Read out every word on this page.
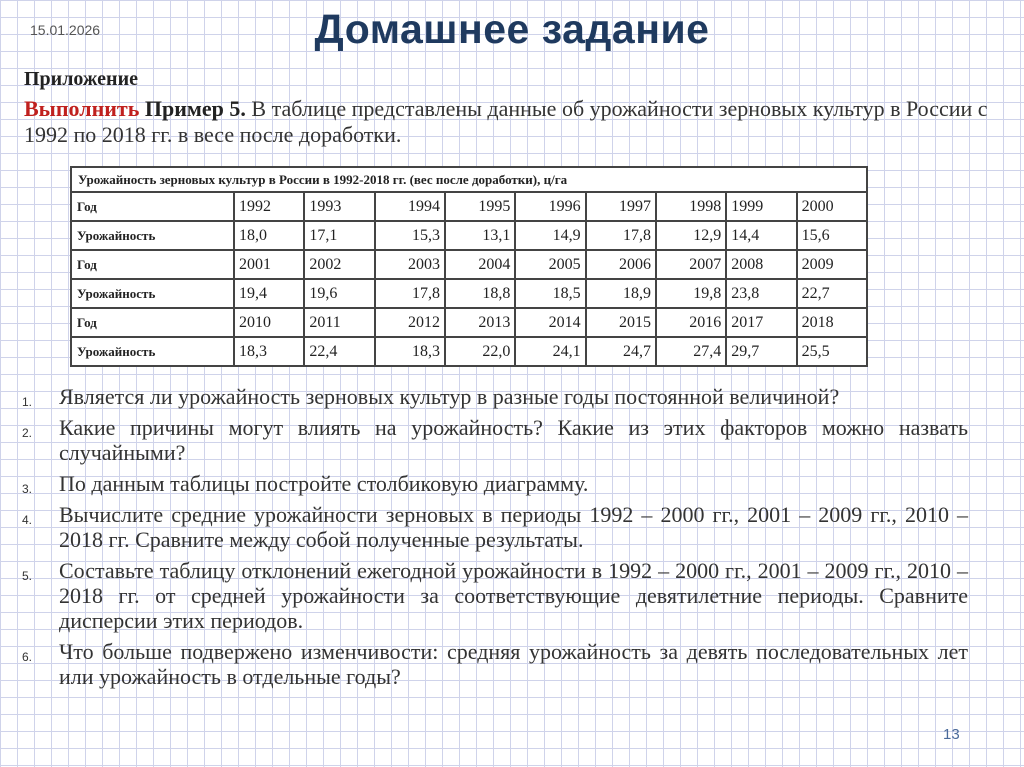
15.01.2026	Домашнее задание
Приложение
Выполнить Пример 5. В таблице представлены данные об урожайности зерновых культур в России с 1992 по 2018 гг. в весе после доработки.
Урожайность зерновых культур в России в 1992-2018 гг. (вес после доработки), ц/га									
Год	1992	1993	1994	1995	1996	1997	1998	1999	2000
Урожайность	18,0	17,1	15,3	13,1	14,9	17,8	12,9	14,4	15,6
Год	2001	2002	2003	2004	2005	2006	2007	2008	2009
Урожайность	19,4	19,6	17,8	18,8	18,5	18,9	19,8	23,8	22,7
Год	2010	2011	2012	2013	2014	2015	2016	2017	2018
Урожайность	18,3	22,4	18,3	22,0	24,1	24,7	27,4	29,7	25,5
1. Является ли урожайность зерновых культур в разные годы постоянной величиной?
2. Какие причины могут влиять на урожайность? Какие из этих факторов можно назвать случайными?
3. По данным таблицы постройте столбиковую диаграмму.
4. Вычислите средние урожайности зерновых в периоды 1992 – 2000 гг., 2001 – 2009 гг., 2010 – 2018 гг. Сравните между собой полученные результаты.
5. Составьте таблицу отклонений ежегодной урожайности в 1992 – 2000 гг., 2001 – 2009 гг., 2010 – 2018 гг. от средней урожайности за соответствующие девятилетние периоды. Сравните дисперсии этих периодов.
6. Что больше подвержено изменчивости: средняя урожайность за девять последовательных лет или урожайность в отдельные годы?
13
